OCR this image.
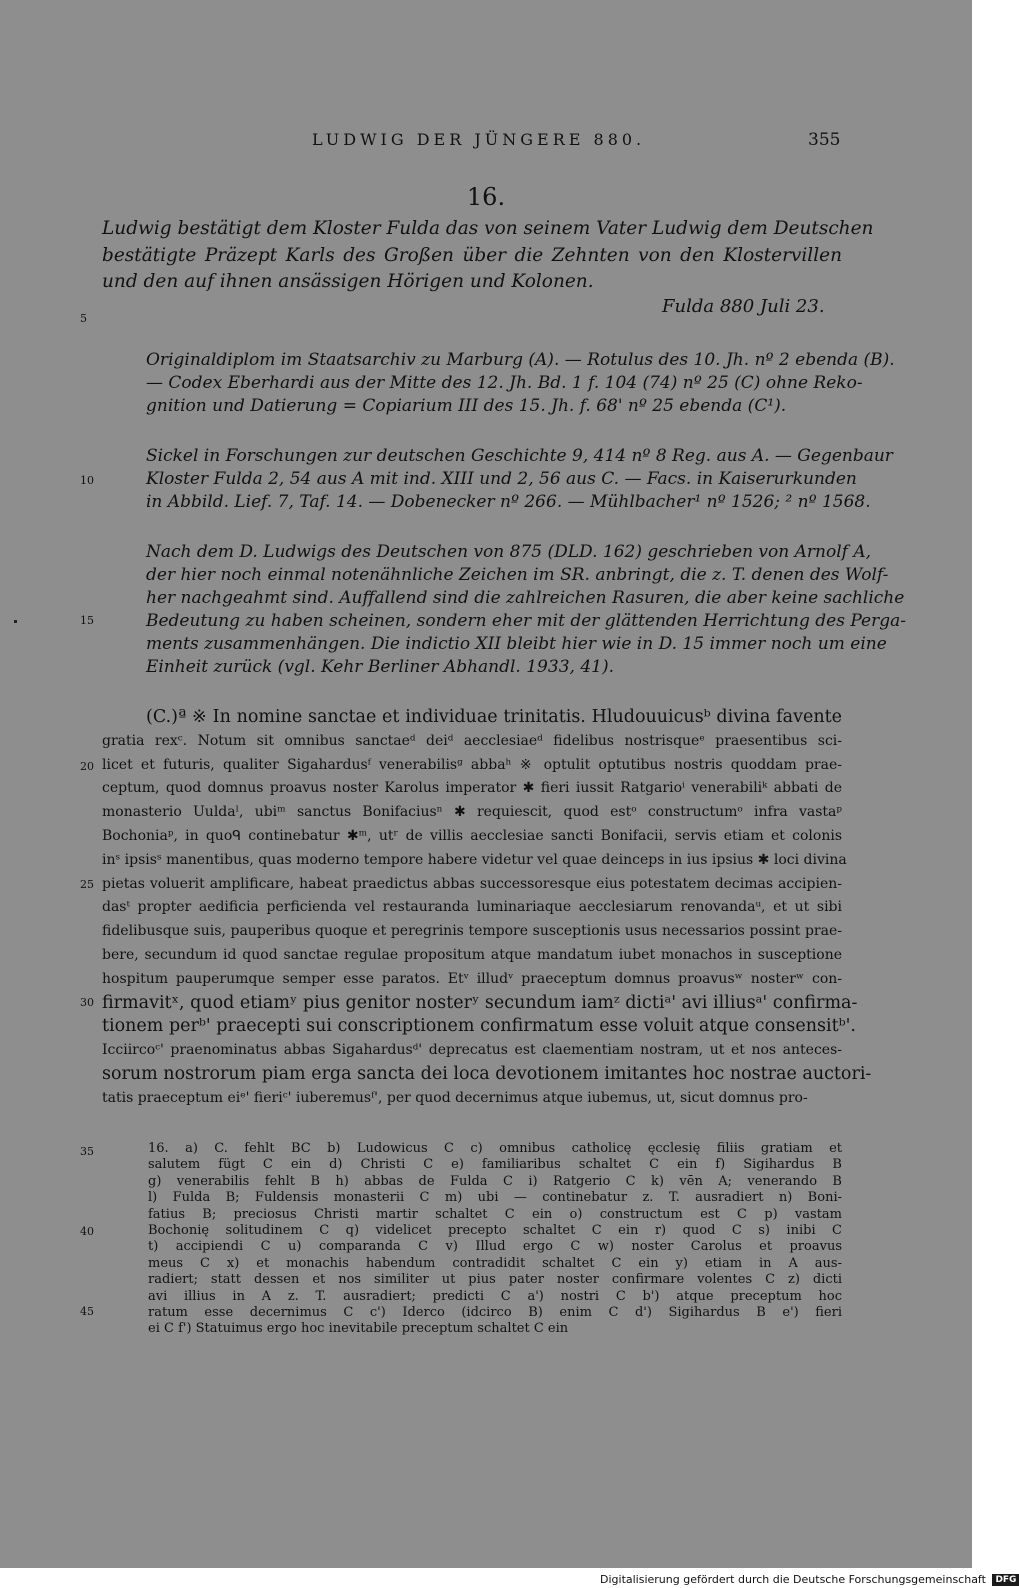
LUDWIG DER JÜNGERE 880.	355
16.
Ludwig bestätigt dem Kloster Fulda das von seinem Vater Ludwig dem Deutschen
bestätigte Präzept Karls des Großen über die Zehnten von den Klostervillen
und den auf ihnen ansässigen Hörigen und Kolonen.
Fulda 880 Juli 23.
Originaldiplom im Staatsarchiv zu Marburg (A). — Rotulus des 10. Jh. nº 2 ebenda (B).
— Codex Eberhardi aus der Mitte des 12. Jh. Bd. 1 f. 104 (74) nº 25 (C) ohne Reko-
gnition und Datierung = Copiarium III des 15. Jh. f. 68' nº 25 ebenda (C¹).
Sickel in Forschungen zur deutschen Geschichte 9, 414 nº 8 Reg. aus A. — Gegenbaur
Kloster Fulda 2, 54 aus A mit ind. XIII und 2, 56 aus C. — Facs. in Kaiserurkunden
in Abbild. Lief. 7, Taf. 14. — Dobenecker nº 266. — Mühlbacher¹ nº 1526; ² nº 1568.
Nach dem D. Ludwigs des Deutschen von 875 (DLD. 162) geschrieben von Arnolf A,
der hier noch einmal notenähnliche Zeichen im SR. anbringt, die z. T. denen des Wolf-
her nachgeahmt sind. Auffallend sind die zahlreichen Rasuren, die aber keine sachliche
Bedeutung zu haben scheinen, sondern eher mit der glättenden Herrichtung des Perga-
ments zusammenhängen. Die indictio XII bleibt hier wie in D. 15 immer noch um eine
Einheit zurück (vgl. Kehr Berliner Abhandl. 1933, 41).
(C.)ª ※ In nomine sanctae et individuae trinitatis. Hludouuicusᵇ divina favente
gratia rexᶜ. Notum sit omnibus sanctaeᵈ deiᵈ aecclesiaeᵈ fidelibus nostrisqueᵉ praesentibus sci-
licet et futuris, qualiter Sigahardusᶠ venerabilisᵍ abbaʰ ※ optulit optutibus nostris quoddam prae-
ceptum, quod domnus proavus noster Karolus imperator ✱ fieri iussit Ratgarioⁱ venerabiliᵏ abbati de
monasterio Uuldaˡ, ubiᵐ sanctus Bonifaciusⁿ ✱ requiescit, quod estᵒ constructumᵒ infra vastaᵖ
Bochoniaᵖ, in quoᑫ continebatur ✱ᵐ, utʳ de villis aecclesiae sancti Bonifacii, servis etiam et colonis
inˢ ipsisˢ manentibus, quas moderno tempore habere videtur vel quae deinceps in ius ipsius ✱ loci divina
pietas voluerit amplificare, habeat praedictus abbas successoresque eius potestatem decimas accipien-
dasᵗ propter aedificia perficienda vel restauranda luminariaque aecclesiarum renovandaᵘ, et ut sibi
fidelibusque suis, pauperibus quoque et peregrinis tempore susceptionis usus necessarios possint prae-
bere, secundum id quod sanctae regulae propositum atque mandatum iubet monachos in susceptione
hospitum pauperumque semper esse paratos. Etᵛ illudᵛ praeceptum domnus proavusʷ nosterʷ con-
firmavitˣ, quod etiamʸ pius genitor nosterʸ secundum iamᶻ dictiᵃ' avi illiusᵃ' confirma-
tionem perᵇ' praecepti sui conscriptionem confirmatum esse voluit atque consensitᵇ'.
Icciircoᶜ' praenominatus abbas Sigahardusᵈ' deprecatus est claementiam nostram, ut et nos anteces-
sorum nostrorum piam erga sancta dei loca devotionem imitantes hoc nostrae auctori-
tatis praeceptum eiᵉ' fieriᶜ' iuberemusᶠ', per quod decernimus atque iubemus, ut, sicut domnus pro-
16. a) C. fehlt BC b) Ludowicus C c) omnibus catholicę ęcclesię filiis gratiam et
salutem fügt C ein d) Christi C e) familiaribus schaltet C ein f) Sigihardus B
g) venerabilis fehlt B h) abbas de Fulda C i) Ratgerio C k) vēn A; venerando B
l) Fulda B; Fuldensis monasterii C m) ubi — continebatur z. T. ausradiert n) Boni-
fatius B; preciosus Christi martir schaltet C ein o) constructum est C p) vastam
Bochonię solitudinem C q) videlicet precepto schaltet C ein r) quod C s) inibi C
t) accipiendi C u) comparanda C v) Illud ergo C w) noster Carolus et proavus
meus C x) et monachis habendum contradidit schaltet C ein y) etiam in A aus-
radiert; statt dessen et nos similiter ut pius pater noster confirmare volentes C z) dicti
avi illius in A z. T. ausradiert; predicti C a') nostri C b') atque preceptum hoc
ratum esse decernimus C c') Iderco (idcirco B) enim C d') Sigihardus B e') fieri
ei C f') Statuimus ergo hoc inevitabile preceptum schaltet C ein
5
10
15
20
25
30
35
40
45
Digitalisierung gefördert durch die Deutsche Forschungsgemeinschaft DFG
